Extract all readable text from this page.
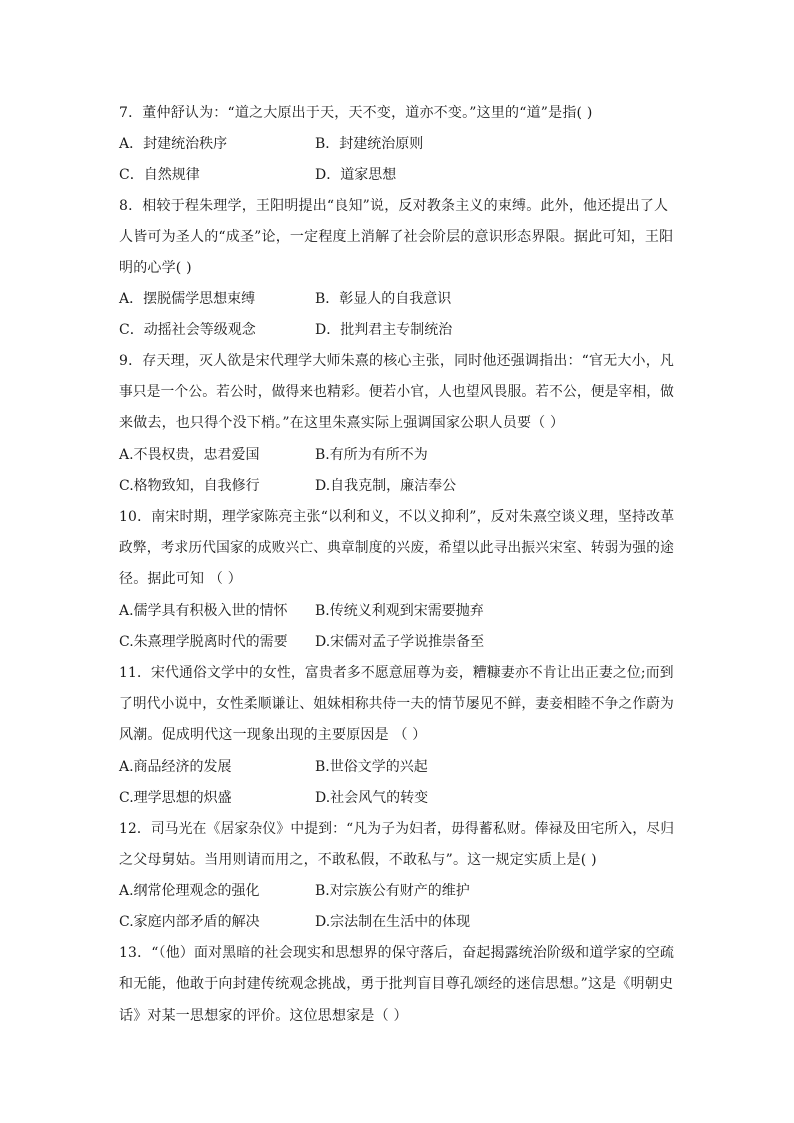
7．董仲舒认为：“道之大原出于天，天不变，道亦不变。”这里的“道”是指( )
A．封建统治秩序	B．封建统治原则
C．自然规律	D．道家思想
8．相较于程朱理学，王阳明提出“良知”说，反对教条主义的束缚。此外，他还提出了人
人皆可为圣人的“成圣”论，一定程度上消解了社会阶层的意识形态界限。据此可知，王阳
明的心学( )
A．摆脱儒学思想束缚	B．彰显人的自我意识
C．动摇社会等级观念	D．批判君主专制统治
9．存天理，灭人欲是宋代理学大师朱熹的核心主张，同时他还强调指出：“官无大小，凡
事只是一个公。若公时，做得来也精彩。便若小官，人也望风畏服。若不公，便是宰相，做
来做去，也只得个没下梢。”在这里朱熹实际上强调国家公职人员要（ ）
A.不畏权贵，忠君爱国	B.有所为有所不为
C.格物致知，自我修行	D.自我克制，廉洁奉公
10．南宋时期，理学家陈亮主张“以利和义，不以义抑利”，反对朱熹空谈义理，坚持改革
政弊，考求历代国家的成败兴亡、典章制度的兴废，希望以此寻出振兴宋室、转弱为强的途
径。据此可知 （ ）
A.儒学具有积极入世的情怀 B.传统义利观到宋需要抛弃
C.朱熹理学脱离时代的需要 D.宋儒对孟子学说推崇备至
11．宋代通俗文学中的女性，富贵者多不愿意屈尊为妾，糟糠妻亦不肯让出正妻之位;而到
了明代小说中，女性柔顺谦让、姐妹相称共侍一夫的情节屡见不鲜，妻妾相睦不争之作蔚为
风潮。促成明代这一现象出现的主要原因是 （ ）
A.商品经济的发展	B.世俗文学的兴起
C.理学思想的炽盛	D.社会风气的转变
12．司马光在《居家杂仪》中提到：“凡为子为妇者，毋得蓄私财。俸禄及田宅所入，尽归
之父母舅姑。当用则请而用之，不敢私假，不敢私与”。这一规定实质上是( )
A.纲常伦理观念的强化	B.对宗族公有财产的维护
C.家庭内部矛盾的解决	D.宗法制在生活中的体现
13．“（他）面对黑暗的社会现实和思想界的保守落后，奋起揭露统治阶级和道学家的空疏
和无能，他敢于向封建传统观念挑战，勇于批判盲目尊孔颂经的迷信思想。”这是《明朝史
话》对某一思想家的评价。这位思想家是（ ）
